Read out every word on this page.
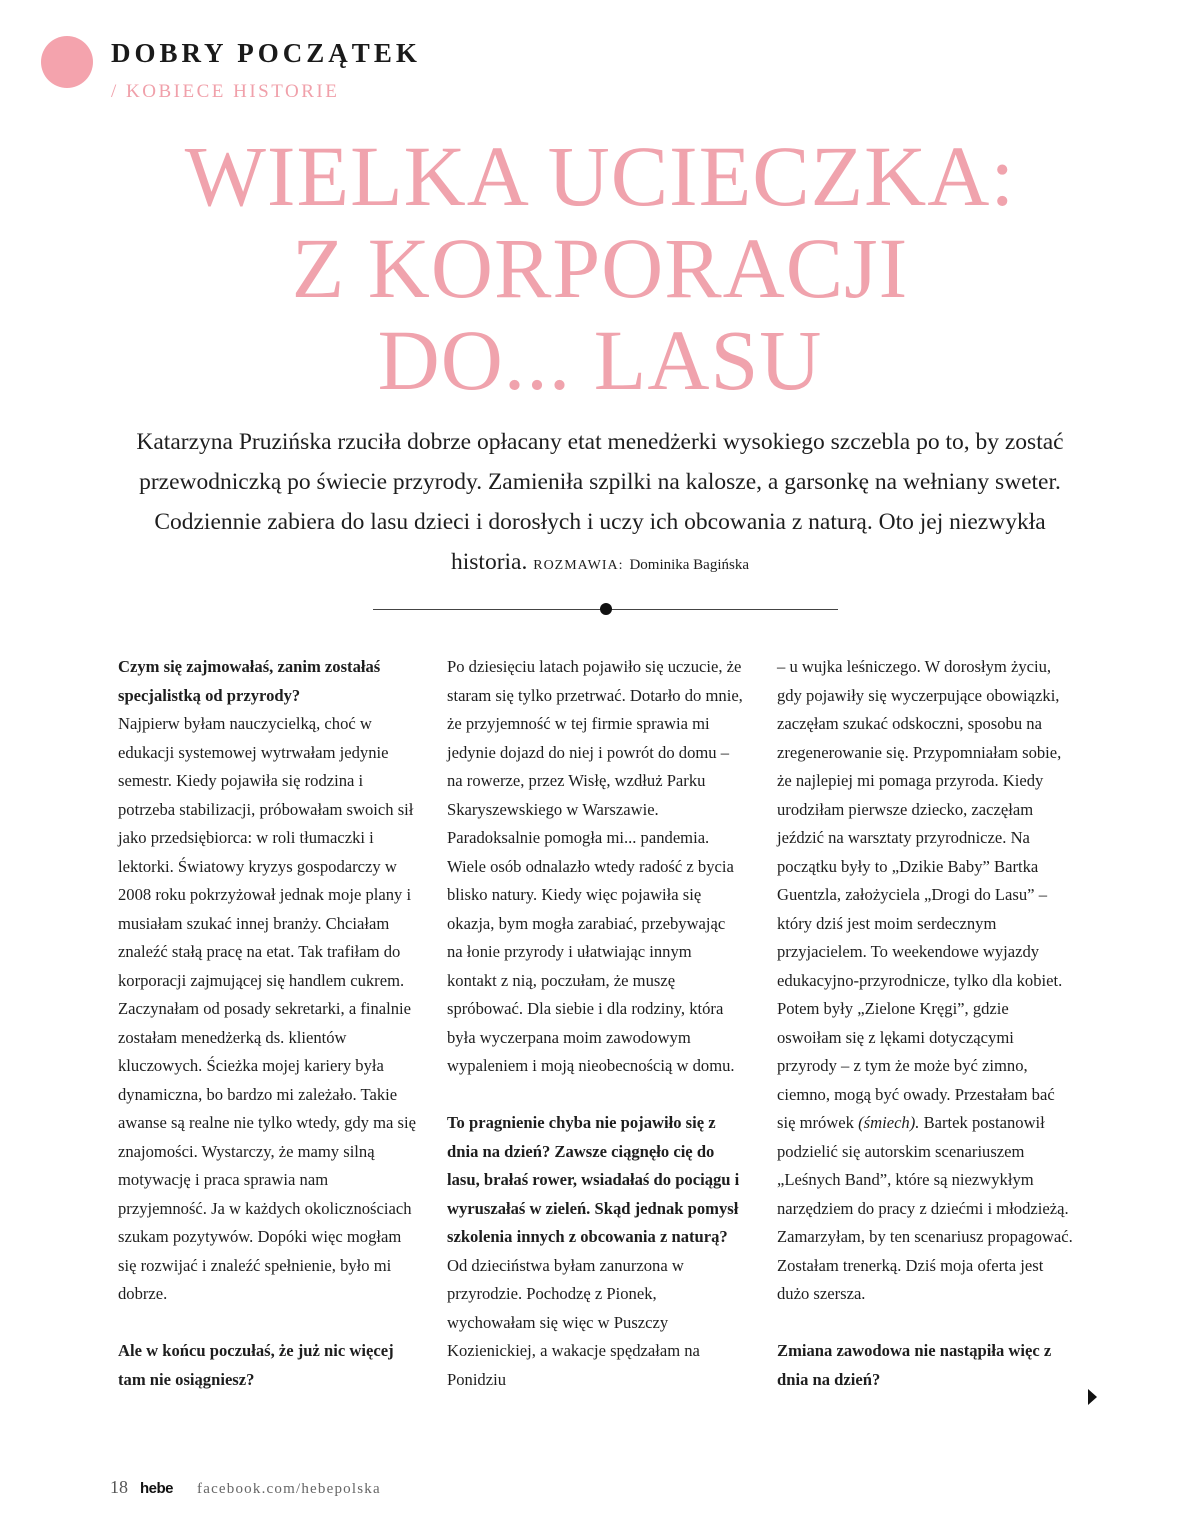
DOBRY POCZĄTEK
/ KOBIECE HISTORIE
WIELKA UCIECZKA:
Z KORPORACJI
DO... LASU
Katarzyna Pruzińska rzuciła dobrze opłacany etat menedżerki wysokiego szczebla po to, by zostać przewodniczką po świecie przyrody. Zamieniła szpilki na kalosze, a garsonkę na wełniany sweter. Codziennie zabiera do lasu dzieci i dorosłych i uczy ich obcowania z naturą. Oto jej niezwykła historia. ROZMAWIA: Dominika Bagińska

Czym się zajmowałaś, zanim zostałaś specjalistką od przyrody?

Najpierw byłam nauczycielką, choć w edukacji systemowej wytrwałam jedynie semestr. Kiedy pojawiła się rodzina i potrzeba stabilizacji, próbowałam swoich sił jako przedsiębiorca: w roli tłumaczki i lektorki. Światowy kryzys gospodarczy w 2008 roku pokrzyżował jednak moje plany i musiałam szukać innej branży. Chciałam znaleźć stałą pracę na etat. Tak trafiłam do korporacji zajmującej się handlem cukrem. Zaczynałam od posady sekretarki, a finalnie zostałam menedżerką ds. klientów kluczowych. Ścieżka mojej kariery była dynamiczna, bo bardzo mi zależało. Takie awanse są realne nie tylko wtedy, gdy ma się znajomości. Wystarczy, że mamy silną motywację i praca sprawia nam przyjemność. Ja w każdych okolicznościach szukam pozytywów. Dopóki więc mogłam się rozwijać i znaleźć spełnienie, było mi dobrze.

Ale w końcu poczułaś, że już nic więcej tam nie osiągniesz?

Po dziesięciu latach pojawiło się uczucie, że staram się tylko przetrwać. Dotarło do mnie, że przyjemność w tej firmie sprawia mi jedynie dojazd do niej i powrót do domu – na rowerze, przez Wisłę, wzdłuż Parku Skaryszewskiego w Warszawie. Paradoksalnie pomogła mi... pandemia. Wiele osób odnalazło wtedy radość z bycia blisko natury. Kiedy więc pojawiła się okazja, bym mogła zarabiać, przebywając na łonie przyrody i ułatwiając innym kontakt z nią, poczułam, że muszę spróbować. Dla siebie i dla rodziny, która była wyczerpana moim zawodowym wypaleniem i moją nieobecnością w domu.

To pragnienie chyba nie pojawiło się z dnia na dzień? Zawsze ciągnęło cię do lasu, brałaś rower, wsiadałaś do pociągu i wyruszałaś w zieleń. Skąd jednak pomysł szkolenia innych z obcowania z naturą?

Od dzieciństwa byłam zanurzona w przyrodzie. Pochodzę z Pionek, wychowałam się więc w Puszczy Kozienickiej, a wakacje spędzałam na Ponidziu

– u wujka leśniczego. W dorosłym życiu, gdy pojawiły się wyczerpujące obowiązki, zaczęłam szukać odskoczni, sposobu na zregenerowanie się. Przypomniałam sobie, że najlepiej mi pomaga przyroda. Kiedy urodziłam pierwsze dziecko, zaczęłam jeździć na warsztaty przyrodnicze. Na początku były to „Dzikie Baby” Bartka Guentzla, założyciela „Drogi do Lasu” – który dziś jest moim serdecznym przyjacielem. To weekendowe wyjazdy edukacyjno-przyrodnicze, tylko dla kobiet. Potem były „Zielone Kręgi”, gdzie oswoiłam się z lękami dotyczącymi przyrody – z tym że może być zimno, ciemno, mogą być owady. Przestałam bać się mrówek (śmiech). Bartek postanowił podzielić się autorskim scenariuszem „Leśnych Band”, które są niezwykłym narzędziem do pracy z dziećmi i młodzieżą. Zamarzyłam, by ten scenariusz propagować. Zostałam trenerką. Dziś moja oferta jest dużo szersza.

Zmiana zawodowa nie nastąpiła więc z dnia na dzień?

18 hebe facebook.com/hebepolska
